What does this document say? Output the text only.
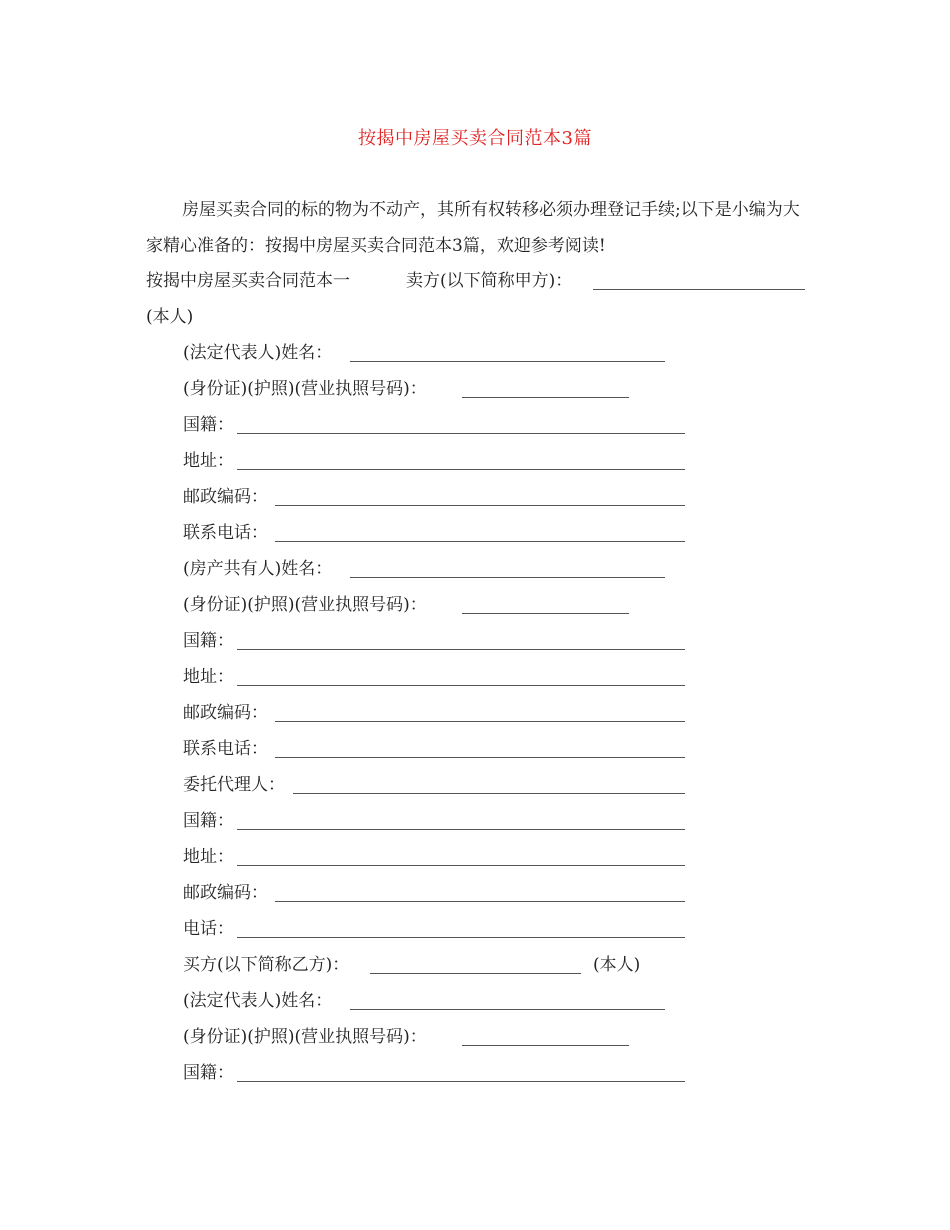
按揭中房屋买卖合同范本3篇

房屋买卖合同的标的物为不动产，其所有权转移必须办理登记手续;以下是小编为大家精心准备的：按揭中房屋买卖合同范本3篇，欢迎参考阅读!

按揭中房屋买卖合同范本一	卖方(以下简称甲方)：
(本人)
(法定代表人)姓名：
(身份证)(护照)(营业执照号码)：
国籍：
地址：
邮政编码：
联系电话：
(房产共有人)姓名：
(身份证)(护照)(营业执照号码)：
国籍：
地址：
邮政编码：
联系电话：
委托代理人：
国籍：
地址：
邮政编码：
电话：
买方(以下简称乙方)：	(本人)
(法定代表人)姓名：
(身份证)(护照)(营业执照号码)：
国籍：
